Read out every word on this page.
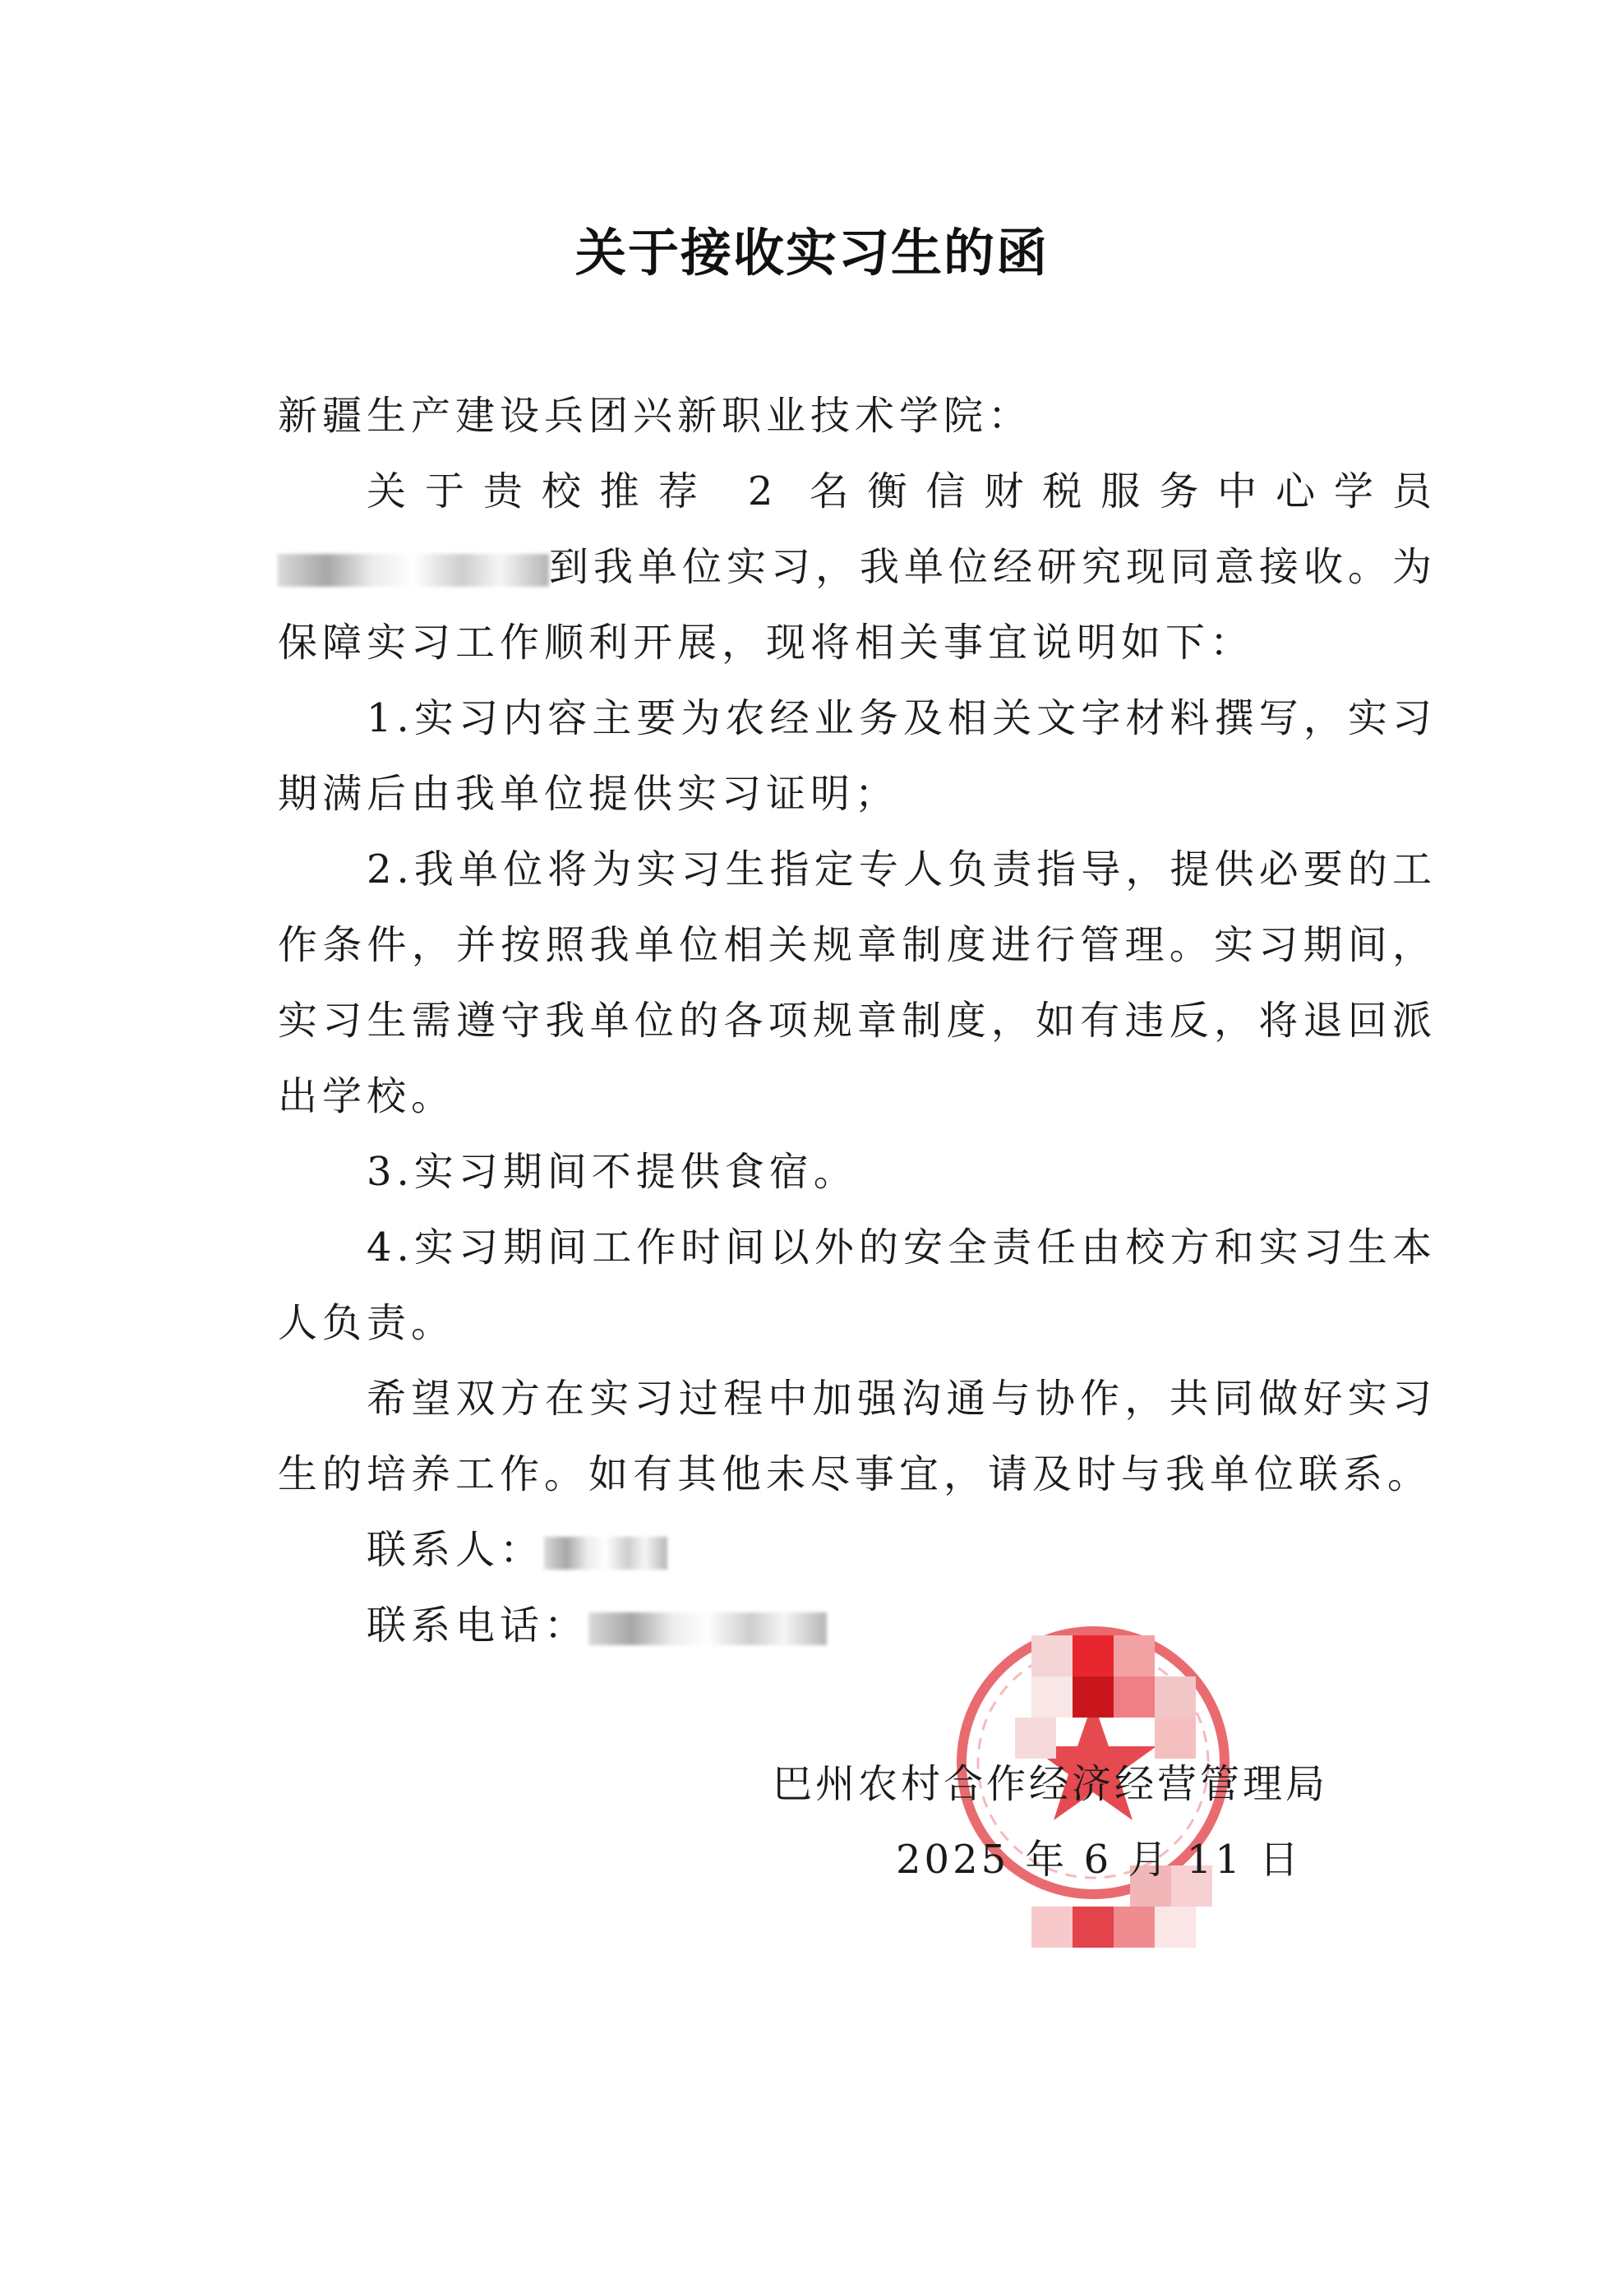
关于接收实习生的函

新疆生产建设兵团兴新职业技术学院：

关于贵校推荐 2 名衡信财税服务中心学员到我单位实习，我单位经研究现同意接收。为保障实习工作顺利开展，现将相关事宜说明如下：

1.实习内容主要为农经业务及相关文字材料撰写，实习期满后由我单位提供实习证明；

2.我单位将为实习生指定专人负责指导，提供必要的工作条件，并按照我单位相关规章制度进行管理。实习期间，实习生需遵守我单位的各项规章制度，如有违反，将退回派出学校。

3.实习期间不提供食宿。

4.实习期间工作时间以外的安全责任由校方和实习生本人负责。

希望双方在实习过程中加强沟通与协作，共同做好实习生的培养工作。如有其他未尽事宜，请及时与我单位联系。

联系人：

联系电话：

巴州农村合作经济经营管理局
2025 年 6 月 11 日
